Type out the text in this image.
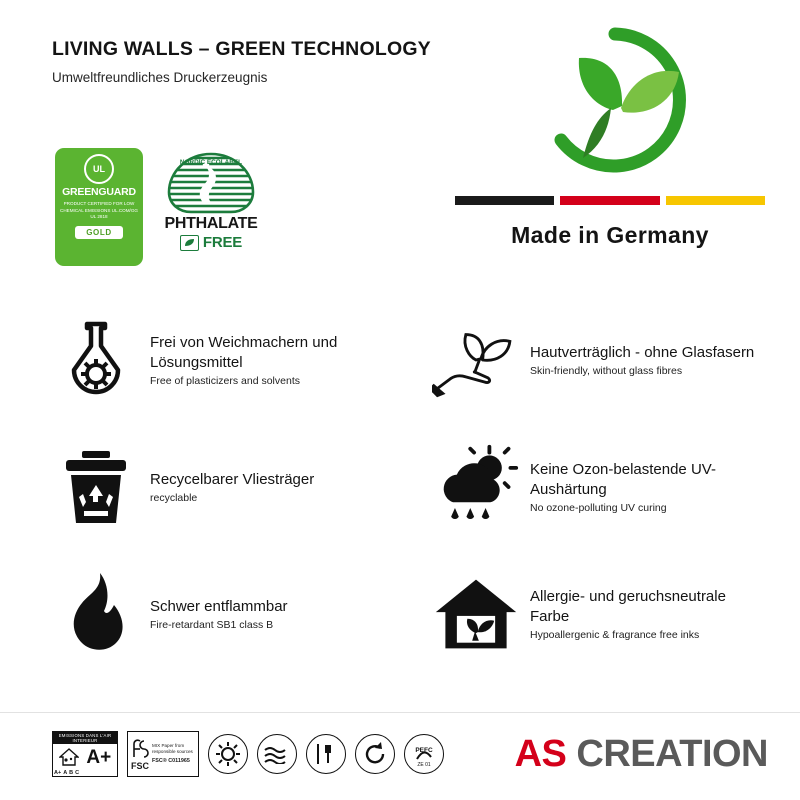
LIVING WALLS – GREEN TECHNOLOGY
Umweltfreundliches Druckerzeugnis
UL
GREENGUARD
PRODUCT CERTIFIED FOR LOW CHEMICAL EMISSIONS UL.COM/GG UL 2818
GOLD
NORDIC ECOLABEL
PHTHALATE
FREE	Made in Germany

Frei von Weichmachern und Lösungsmittel

Free of plasticizers and solvents

Hautverträglich - ohne Glasfasern

Skin-friendly, without glass fibres

Recycelbarer Vliesträger

recyclable

Keine Ozon-belastende UV-Aushärtung

No ozone-polluting UV curing

Schwer entflammbar

Fire-retardant SB1 class B

Allergie- und geruchsneutrale Farbe

Hypoallergenic & fragrance free inks

EMISSIONS DANS L'AIR INTERIEUR
A+
A+ A B C
FSC
MIX Paper from responsible sources
FSC® C011965
PEFC
ZE 01 AS CREATION
